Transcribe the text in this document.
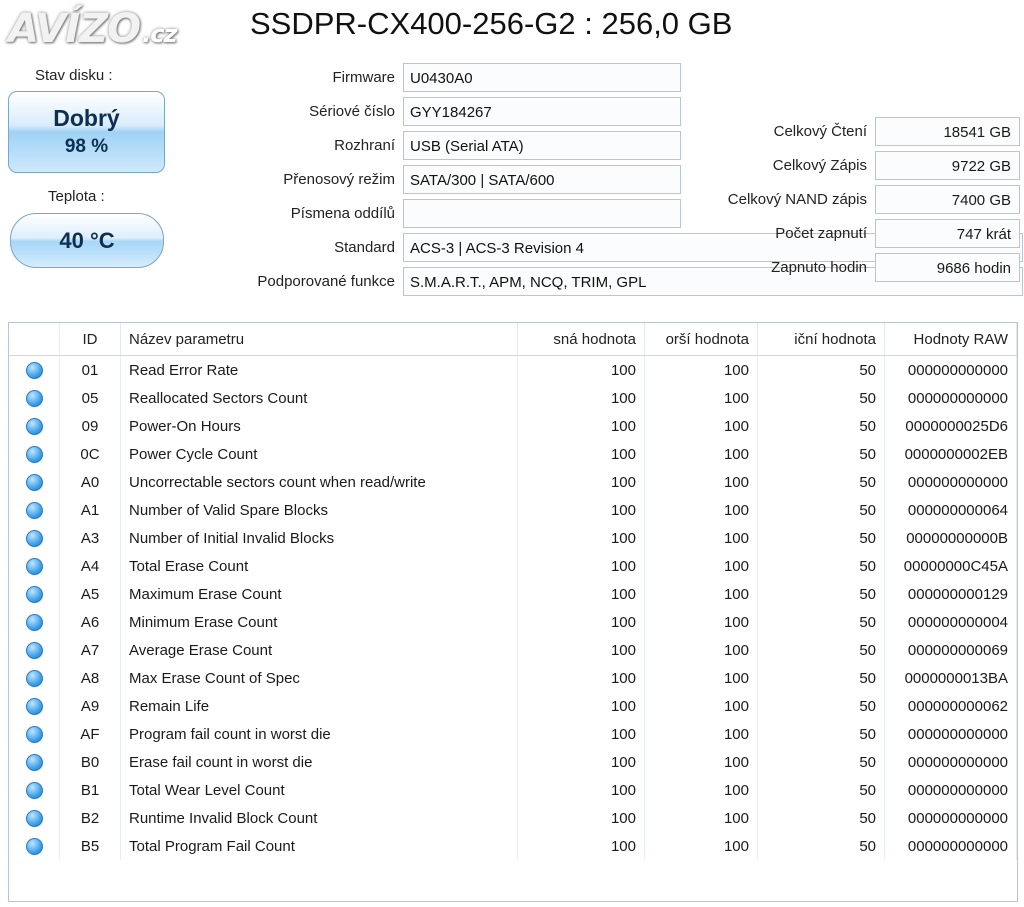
AVÍZO .cz SSDPR-CX400-256-G2 : 256,0 GB
Stav disku :
Dobrý
98 %
Teplota :
40 °C
Firmware	U0430A0
Sériové číslo	GYY184267
Rozhraní	USB (Serial ATA)
Přenosový režim	SATA/300 | SATA/600
Písmena oddílů
Standard	ACS-3 | ACS-3 Revision 4
Podporované funkce	S.M.A.R.T., APM, NCQ, TRIM, GPL
Celkový Čtení	18541 GB
Celkový Zápis	9722 GB
Celkový NAND zápis	7400 GB
Počet zapnutí	747 krát
Zapnuto hodin	9686 hodin
	ID	Název parametru	sná hodnota	orší hodnota	iční hodnota	Hodnoty RAW
	01	Read Error Rate	100	100	50	000000000000
	05	Reallocated Sectors Count	100	100	50	000000000000
	09	Power-On Hours	100	100	50	0000000025D6
	0C	Power Cycle Count	100	100	50	0000000002EB
	A0	Uncorrectable sectors count when read/write	100	100	50	000000000000
	A1	Number of Valid Spare Blocks	100	100	50	000000000064
	A3	Number of Initial Invalid Blocks	100	100	50	00000000000B
	A4	Total Erase Count	100	100	50	00000000C45A
	A5	Maximum Erase Count	100	100	50	000000000129
	A6	Minimum Erase Count	100	100	50	000000000004
	A7	Average Erase Count	100	100	50	000000000069
	A8	Max Erase Count of Spec	100	100	50	0000000013BA
	A9	Remain Life	100	100	50	000000000062
	AF	Program fail count in worst die	100	100	50	000000000000
	B0	Erase fail count in worst die	100	100	50	000000000000
	B1	Total Wear Level Count	100	100	50	000000000000
	B2	Runtime Invalid Block Count	100	100	50	000000000000
	B5	Total Program Fail Count	100	100	50	000000000000
